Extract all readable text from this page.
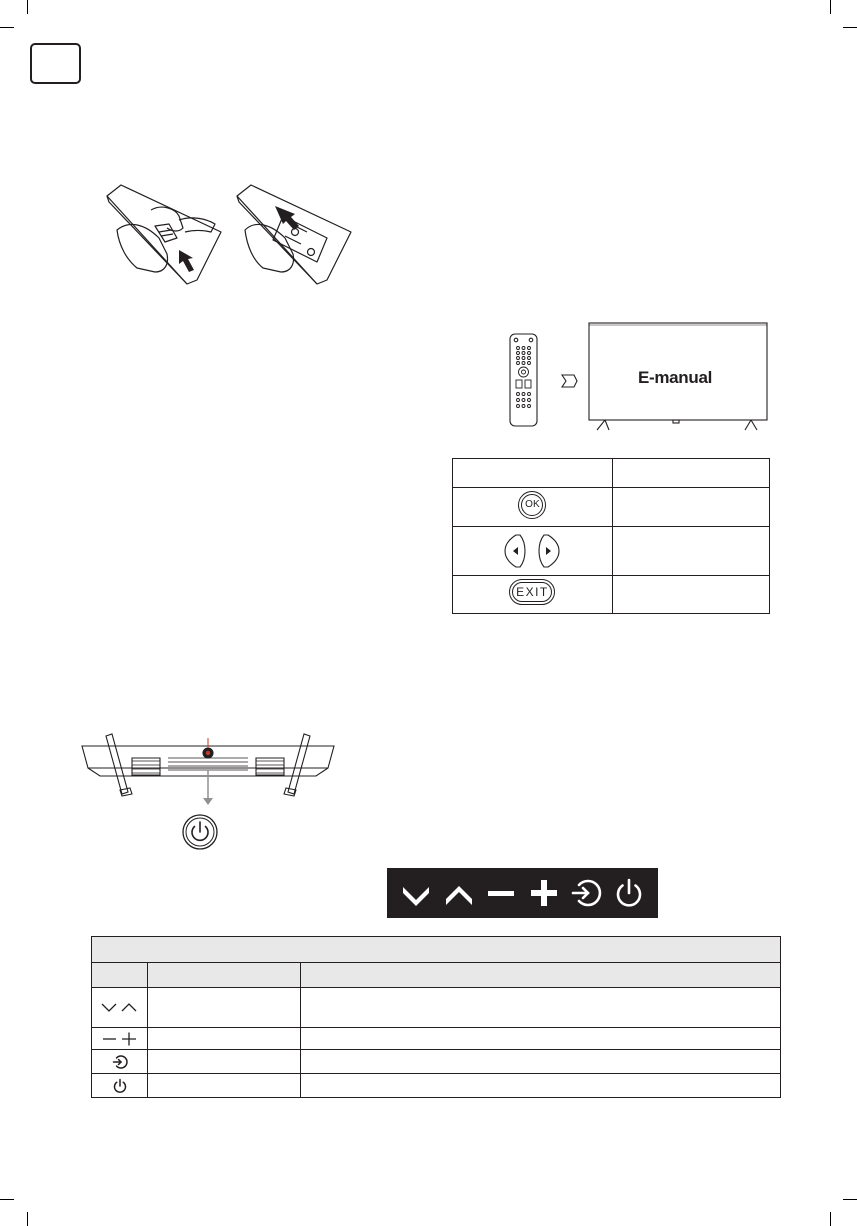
E-manual

OK	

EXIT	
